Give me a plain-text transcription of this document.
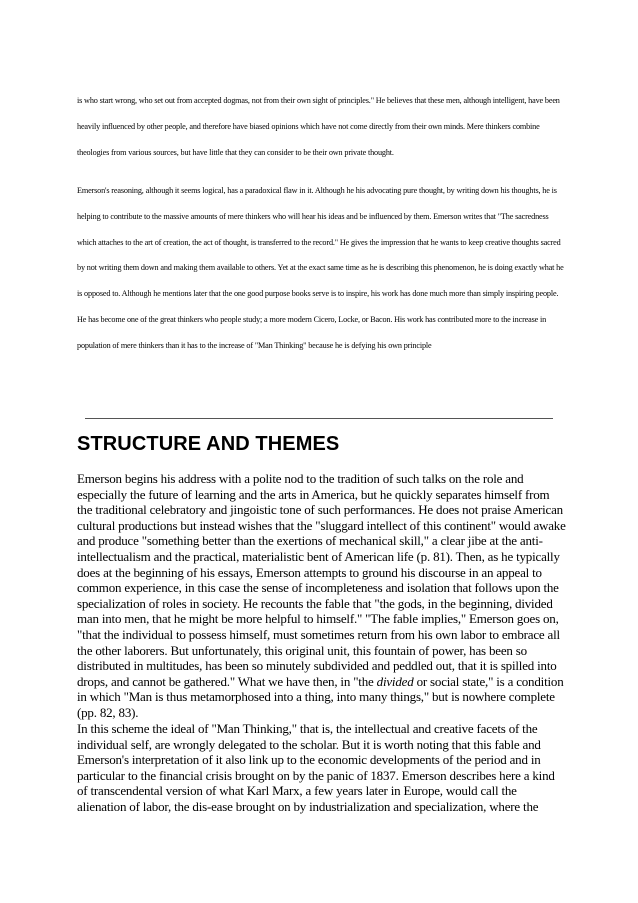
is who start wrong, who set out from accepted dogmas, not from their own sight of principles." He believes that these men, although intelligent, have been heavily influenced by other people, and therefore have biased opinions which have not come directly from their own minds. Mere thinkers combine theologies from various sources, but have little that they can consider to be their own private thought.

Emerson's reasoning, although it seems logical, has a paradoxical flaw in it. Although he his advocating pure thought, by writing down his thoughts, he is helping to contribute to the massive amounts of mere thinkers who will hear his ideas and be influenced by them. Emerson writes that "The sacredness which attaches to the art of creation, the act of thought, is transferred to the record." He gives the impression that he wants to keep creative thoughts sacred by not writing them down and making them available to others. Yet at the exact same time as he is describing this phenomenon, he is doing exactly what he is opposed to. Although he mentions later that the one good purpose books serve is to inspire, his work has done much more than simply inspiring people. He has become one of the great thinkers who people study; a more modern Cicero, Locke, or Bacon. His work has contributed more to the increase in population of mere thinkers than it has to the increase of "Man Thinking" because he is defying his own principle

STRUCTURE AND THEMES

Emerson begins his address with a polite nod to the tradition of such talks on the role and especially the future of learning and the arts in America, but he quickly separates himself from the traditional celebratory and jingoistic tone of such performances. He does not praise American cultural productions but instead wishes that the "sluggard intellect of this continent" would awake and produce "something better than the exertions of mechanical skill," a clear jibe at the anti-intellectualism and the practical, materialistic bent of American life (p. 81). Then, as he typically does at the beginning of his essays, Emerson attempts to ground his discourse in an appeal to common experience, in this case the sense of incompleteness and isolation that follows upon the specialization of roles in society. He recounts the fable that "the gods, in the beginning, divided man into men, that he might be more helpful to himself." "The fable implies," Emerson goes on, "that the individual to possess himself, must sometimes return from his own labor to embrace all the other laborers. But unfortunately, this original unit, this fountain of power, has been so distributed in multitudes, has been so minutely subdivided and peddled out, that it is spilled into drops, and cannot be gathered." What we have then, in "the divided or social state," is a condition in which "Man is thus metamorphosed into a thing, into many things," but is nowhere complete (pp. 82, 83).

In this scheme the ideal of "Man Thinking," that is, the intellectual and creative facets of the individual self, are wrongly delegated to the scholar. But it is worth noting that this fable and Emerson's interpretation of it also link up to the economic developments of the period and in particular to the financial crisis brought on by the panic of 1837. Emerson describes here a kind of transcendental version of what Karl Marx, a few years later in Europe, would call the alienation of labor, the dis-ease brought on by industrialization and specialization, where the
